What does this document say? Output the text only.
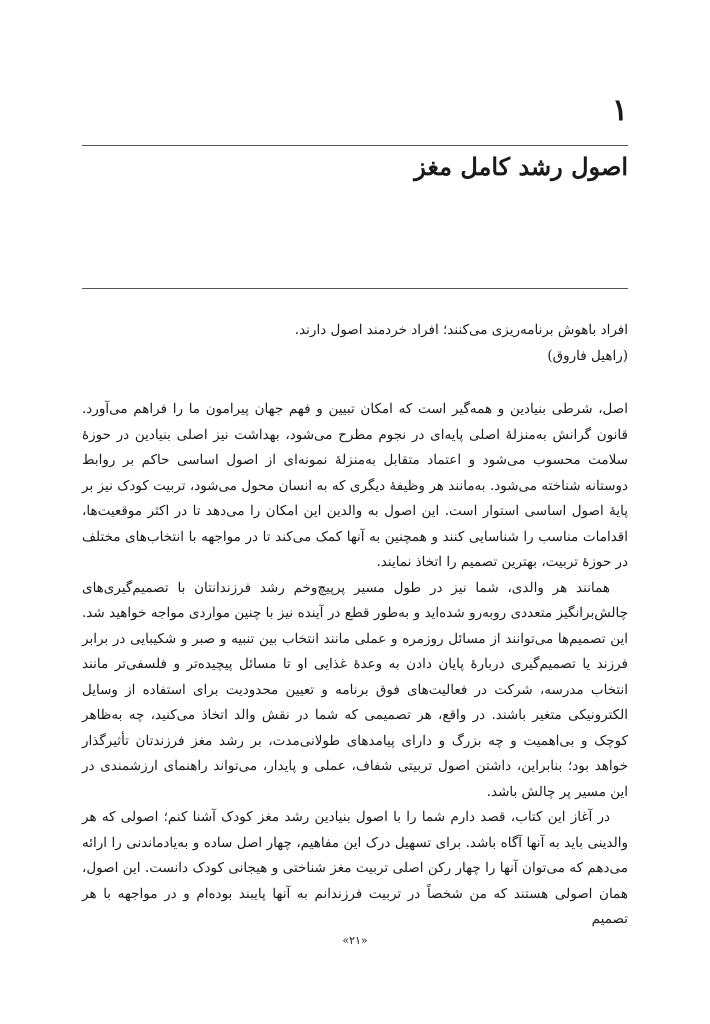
۱
اصول رشد کامل مغز
افراد باهوش برنامه‌ریزی می‌کنند؛ افراد خردمند اصول دارند.
(راهیل فاروق)

اصل، شرطی بنیادین و همه‌گیر است که امکان تبیین و فهم جهان پیرامون ما را فراهم می‌آورد. قانون گرانش به‌منزلهٔ اصلی پایه‌ای در نجوم مطرح می‌شود، بهداشت نیز اصلی بنیادین در حوزهٔ سلامت محسوب می‌شود و اعتماد متقابل به‌منزلهٔ نمونه‌ای از اصول اساسی حاکم بر روابط دوستانه شناخته می‌شود. به‌مانند هر وظیفهٔ دیگری که به انسان محول می‌شود، تربیت کودک نیز بر پایهٔ اصول اساسی استوار است. این اصول به والدین این امکان را می‌دهد تا در اکثر موقعیت‌ها، اقدامات مناسب را شناسایی کنند و همچنین به آنها کمک می‌کند تا در مواجهه با انتخاب‌های مختلف در حوزهٔ تربیت، بهترین تصمیم را اتخاذ نمایند.

همانند هر والدی، شما نیز در طول مسیر پرپیچ‌وخم رشد فرزندانتان با تصمیم‌گیری‌های چالش‌برانگیز متعددی روبه‌رو شده‌اید و به‌طور قطع در آینده نیز با چنین مواردی مواجه خواهید شد. این تصمیم‌ها می‌توانند از مسائل روزمره و عملی مانند انتخاب بین تنبیه و صبر و شکیبایی در برابر فرزند یا تصمیم‌گیری دربارهٔ پایان دادن به وعدهٔ غذایی او تا مسائل پیچیده‌تر و فلسفی‌تر مانند انتخاب مدرسه، شرکت در فعالیت‌های فوق برنامه و تعیین محدودیت برای استفاده از وسایل الکترونیکی متغیر باشند. در واقع، هر تصمیمی که شما در نقش والد اتخاذ می‌کنید، چه به‌ظاهر کوچک و بی‌اهمیت و چه بزرگ و دارای پیامدهای طولانی‌مدت، بر رشد مغز فرزندتان تأثیرگذار خواهد بود؛ بنابراین، داشتن اصول تربیتی شفاف، عملی و پایدار، می‌تواند راهنمای ارزشمندی در این مسیر پر چالش باشد.

در آغاز این کتاب، قصد دارم شما را با اصول بنیادین رشد مغز کودک آشنا کنم؛ اصولی که هر والدینی باید به آنها آگاه باشد. برای تسهیل درک این مفاهیم، چهار اصل ساده و به‌یادماندنی را ارائه می‌دهم که می‌توان آنها را چهار رکن اصلی تربیت مغز شناختی و هیجانی کودک دانست. این اصول، همان اصولی هستند که من شخصاً در تربیت فرزندانم به آنها پایبند بوده‌ام و در مواجهه با هر تصمیم

«۲۱»
